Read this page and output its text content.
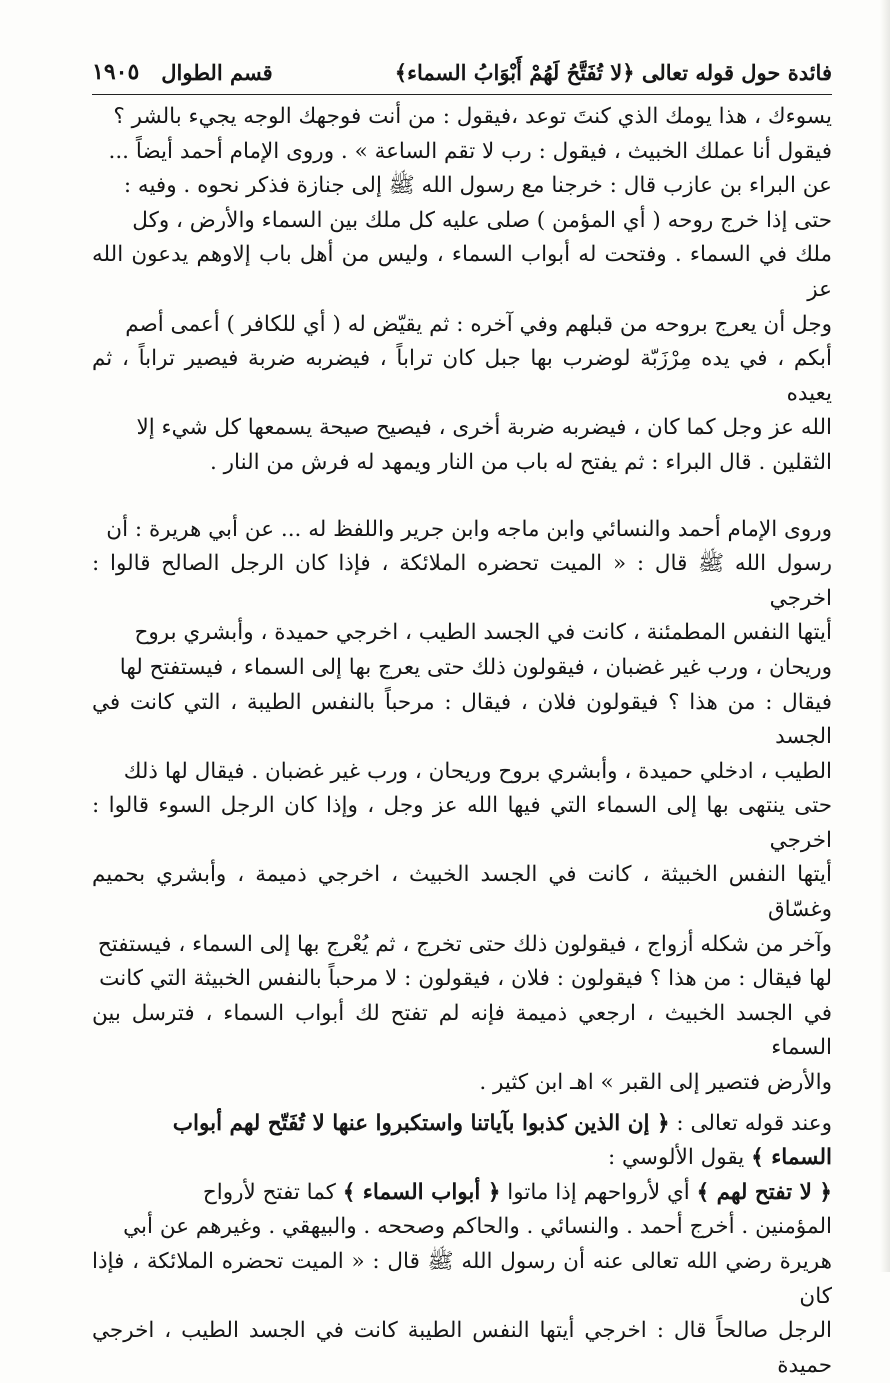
فائدة حول قوله تعالى ﴿لا تُفَتَّحُ لَهُمْ أَبْوَابُ السماء﴾
قسم الطوال
١٩٠٥

يسوءك ، هذا يومك الذي كنتَ توعد ،فيقول : من أنت فوجهك الوجه يجيء بالشر ؟
فيقول أنا عملك الخبيث ، فيقول : رب لا تقم الساعة » . وروى الإمام أحمد أيضاً ...
عن البراء بن عازب قال : خرجنا مع رسول الله ﷺ إلى جنازة فذكر نحوه . وفيه :
حتى إذا خرج روحه ( أي المؤمن ) صلى عليه كل ملك بين السماء والأرض ، وكل
ملك في السماء . وفتحت له أبواب السماء ، وليس من أهل باب إلاوهم يدعون الله عز
وجل أن يعرج بروحه من قبلهم وفي آخره : ثم يقيّض له ( أي للكافر ) أعمى أصم
أبكم ، في يده مِرْزَبّة لوضرب بها جبل كان تراباً ، فيضربه ضربة فيصير تراباً ، ثم يعيده
الله عز وجل كما كان ، فيضربه ضربة أخرى ، فيصيح صيحة يسمعها كل شيء إلا
الثقلين . قال البراء : ثم يفتح له باب من النار ويمهد له فرش من النار .

وروى الإمام أحمد والنسائي وابن ماجه وابن جرير واللفظ له ... عن أبي هريرة : أن
رسول الله ﷺ قال : « الميت تحضره الملائكة ، فإذا كان الرجل الصالح قالوا : اخرجي
أيتها النفس المطمئنة ، كانت في الجسد الطيب ، اخرجي حميدة ، وأبشري بروح
وريحان ، ورب غير غضبان ، فيقولون ذلك حتى يعرج بها إلى السماء ، فيستفتح لها
فيقال : من هذا ؟ فيقولون فلان ، فيقال : مرحباً بالنفس الطيبة ، التي كانت في الجسد
الطيب ، ادخلي حميدة ، وأبشري بروح وريحان ، ورب غير غضبان . فيقال لها ذلك
حتى ينتهى بها إلى السماء التي فيها الله عز وجل ، وإذا كان الرجل السوء قالوا : اخرجي
أيتها النفس الخبيثة ، كانت في الجسد الخبيث ، اخرجي ذميمة ، وأبشري بحميم وغسّاق
وآخر من شكله أزواج ، فيقولون ذلك حتى تخرج ، ثم يُعْرج بها إلى السماء ، فيستفتح
لها فيقال : من هذا ؟ فيقولون : فلان ، فيقولون : لا مرحباً بالنفس الخبيثة التي كانت
في الجسد الخبيث ، ارجعي ذميمة فإنه لم تفتح لك أبواب السماء ، فترسل بين السماء
والأرض فتصير إلى القبر » اهـ ابن كثير .

وعند قوله تعالى : ﴿ إن الذين كذبوا بآياتنا واستكبروا عنها لا تُفَتّح لهم أبواب
السماء ﴾ يقول الألوسي :

﴿ لا تفتح لهم ﴾ أي لأرواحهم إذا ماتوا ﴿ أبواب السماء ﴾ كما تفتح لأرواح
المؤمنين . أخرج أحمد . والنسائي . والحاكم وصححه . والبيهقي . وغيرهم عن أبي
هريرة رضي الله تعالى عنه أن رسول الله ﷺ قال : « الميت تحضره الملائكة ، فإذا كان
الرجل صالحاً قال : اخرجي أيتها النفس الطيبة كانت في الجسد الطيب ، اخرجي حميدة
